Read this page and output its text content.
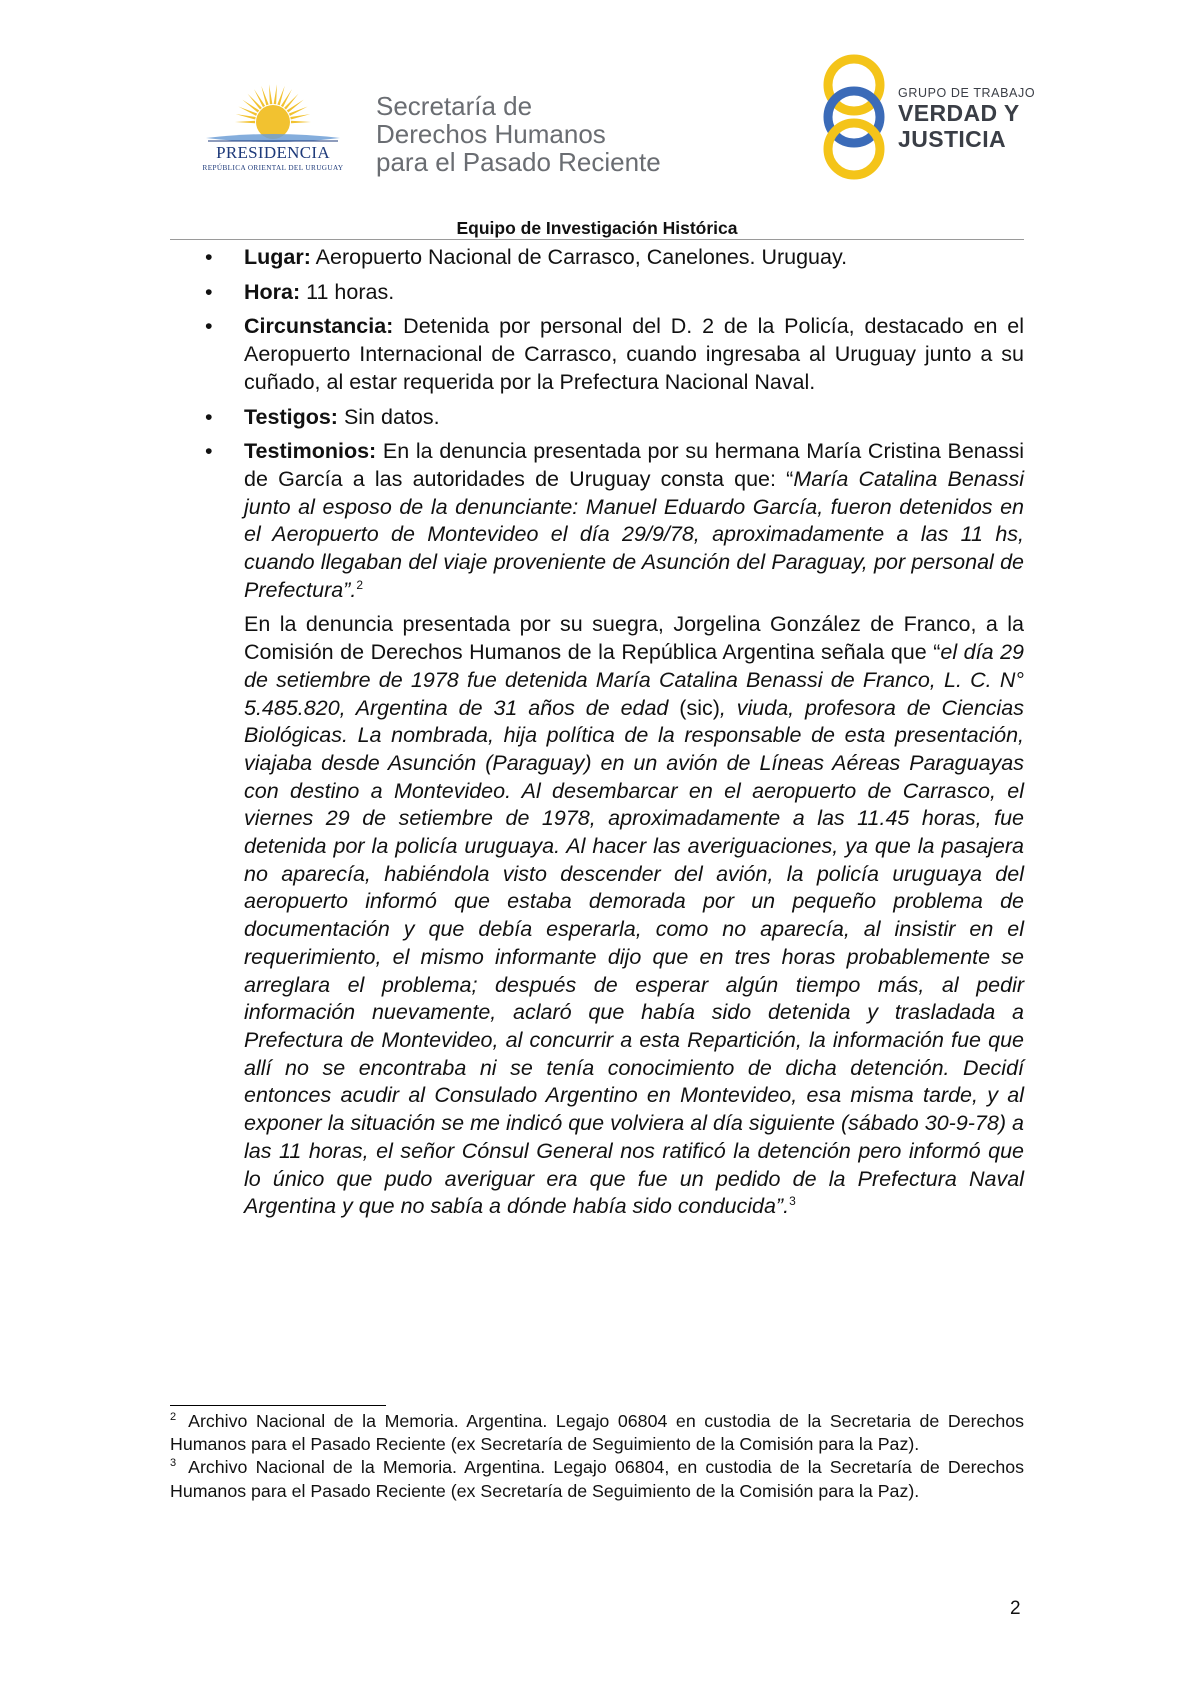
PRESIDENCIA
REPÚBLICA ORIENTAL DEL URUGUAY
Secretaría de
Derechos Humanos
para el Pasado Reciente
GRUPO DE TRABAJO
VERDAD Y
JUSTICIA
Equipo de Investigación Histórica
• Lugar: Aeropuerto Nacional de Carrasco, Canelones. Uruguay.
• Hora: 11 horas.
• Circunstancia: Detenida por personal del D. 2 de la Policía, destacado en el Aeropuerto Internacional de Carrasco, cuando ingresaba al Uruguay junto a su cuñado, al estar requerida por la Prefectura Nacional Naval.
• Testigos: Sin datos.
• Testimonios: En la denuncia presentada por su hermana María Cristina Benassi de García a las autoridades de Uruguay consta que: “María Catalina Benassi junto al esposo de la denunciante: Manuel Eduardo García, fueron detenidos en el Aeropuerto de Montevideo el día 29/9/78, aproximadamente a las 11 hs, cuando llegaban del viaje proveniente de Asunción del Paraguay, por personal de Prefectura”.$^2$
En la denuncia presentada por su suegra, Jorgelina González de Franco, a la Comisión de Derechos Humanos de la República Argentina señala que “el día 29 de setiembre de 1978 fue detenida María Catalina Benassi de Franco, L. C. N° 5.485.820, Argentina de 31 años de edad (sic), viuda, profesora de Ciencias Biológicas. La nombrada, hija política de la responsable de esta presentación, viajaba desde Asunción (Paraguay) en un avión de Líneas Aéreas Paraguayas con destino a Montevideo. Al desembarcar en el aeropuerto de Carrasco, el viernes 29 de setiembre de 1978, aproximadamente a las 11.45 horas, fue detenida por la policía uruguaya. Al hacer las averiguaciones, ya que la pasajera no aparecía, habiéndola visto descender del avión, la policía uruguaya del aeropuerto informó que estaba demorada por un pequeño problema de documentación y que debía esperarla, como no aparecía, al insistir en el requerimiento, el mismo informante dijo que en tres horas probablemente se arreglara el problema; después de esperar algún tiempo más, al pedir información nuevamente, aclaró que había sido detenida y trasladada a Prefectura de Montevideo, al concurrir a esta Repartición, la información fue que allí no se encontraba ni se tenía conocimiento de dicha detención. Decidí entonces acudir al Consulado Argentino en Montevideo, esa misma tarde, y al exponer la situación se me indicó que volviera al día siguiente (sábado 30-9-78) a las 11 horas, el señor Cónsul General nos ratificó la detención pero informó que lo único que pudo averiguar era que fue un pedido de la Prefectura Naval Argentina y que no sabía a dónde había sido conducida”.$^3$
$^2$ Archivo Nacional de la Memoria. Argentina. Legajo 06804 en custodia de la Secretaria de Derechos Humanos para el Pasado Reciente (ex Secretaría de Seguimiento de la Comisión para la Paz).
$^3$ Archivo Nacional de la Memoria. Argentina. Legajo 06804, en custodia de la Secretaría de Derechos Humanos para el Pasado Reciente (ex Secretaría de Seguimiento de la Comisión para la Paz).
2
